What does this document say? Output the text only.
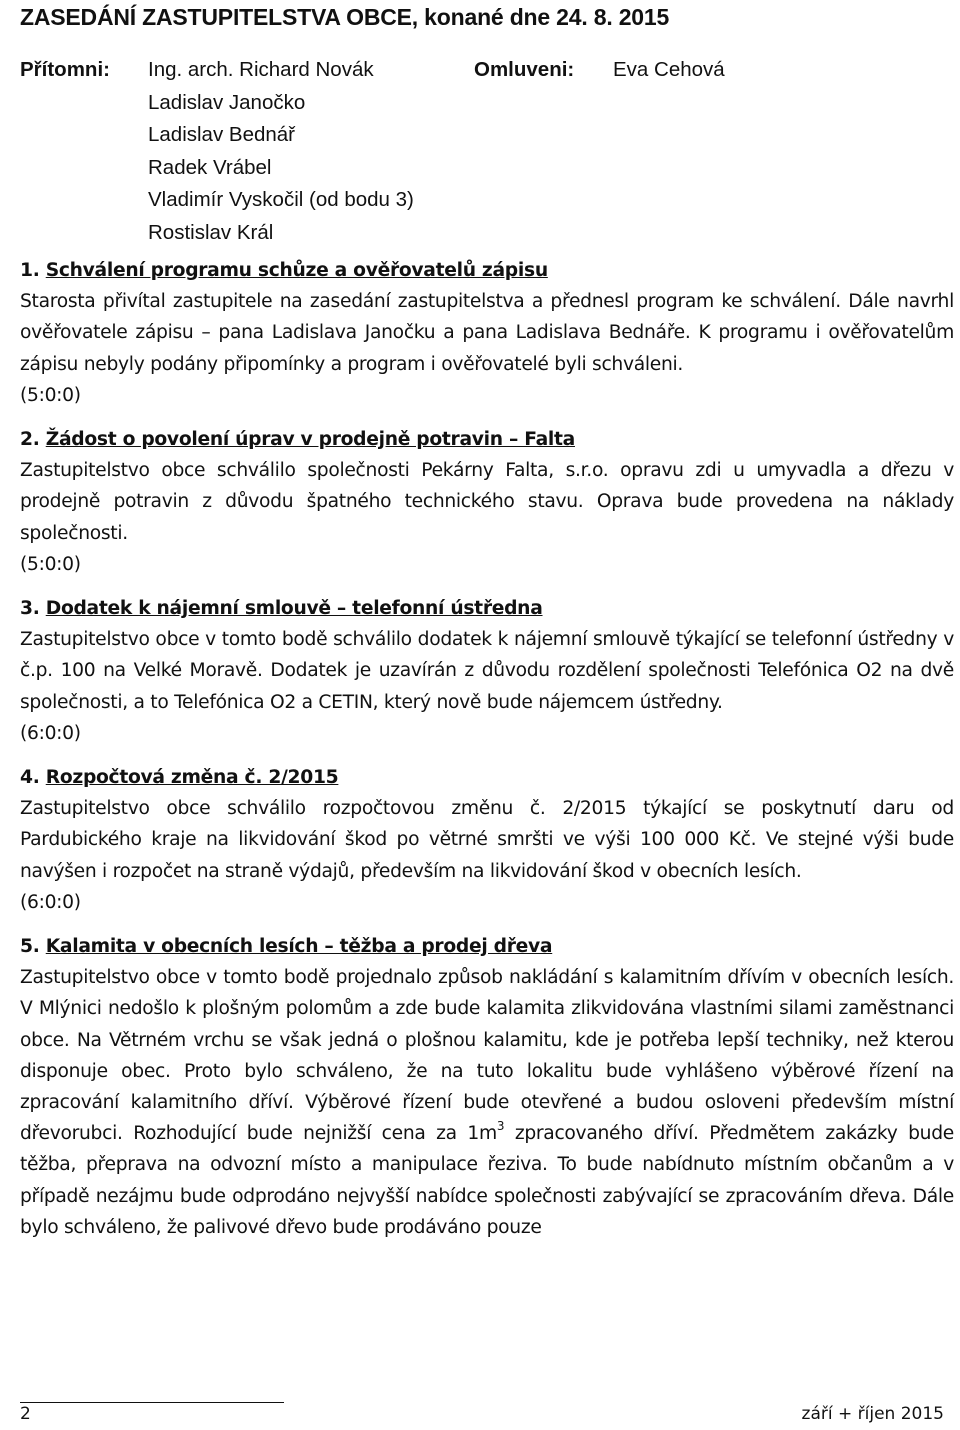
ZASEDÁNÍ ZASTUPITELSTVA OBCE, konané dne 24. 8. 2015
Přítomni: Ing. arch. Richard Novák
Ladislav Janočko
Ladislav Bednář
Radek Vrábel
Vladimír Vyskočil (od bodu 3)
Rostislav Král
Omluveni: Eva Cehová
1. Schválení programu schůze a ověřovatelů zápisu
Starosta přivítal zastupitele na zasedání zastupitelstva a přednesl program ke schválení. Dále navrhl ověřovatele zápisu – pana Ladislava Janočku a pana Ladislava Bednáře. K programu i ověřovatelům zápisu nebyly podány připomínky a program i ověřovatelé byli schváleni.
(5:0:0)
2. Žádost o povolení úprav v prodejně potravin – Falta
Zastupitelstvo obce schválilo společnosti Pekárny Falta, s.r.o. opravu zdi u umyvadla a dřezu v prodejně potravin z důvodu špatného technického stavu. Oprava bude provedena na náklady společnosti.
(5:0:0)
3. Dodatek k nájemní smlouvě – telefonní ústředna
Zastupitelstvo obce v tomto bodě schválilo dodatek k nájemní smlouvě týkající se telefonní ústředny v č.p. 100 na Velké Moravě. Dodatek je uzavírán z důvodu rozdělení společnosti Telefónica O2 na dvě společnosti, a to Telefónica O2 a CETIN, který nově bude nájemcem ústředny.
(6:0:0)
4. Rozpočtová změna č. 2/2015
Zastupitelstvo obce schválilo rozpočtovou změnu č. 2/2015 týkající se poskytnutí daru od Pardubického kraje na likvidování škod po větrné smršti ve výši 100 000 Kč. Ve stejné výši bude navýšen i rozpočet na straně výdajů, především na likvidování škod v obecních lesích.
(6:0:0)
5. Kalamita v obecních lesích – těžba a prodej dřeva
Zastupitelstvo obce v tomto bodě projednalo způsob nakládání s kalamitním dřívím v obecních lesích. V Mlýnici nedošlo k plošným polomům a zde bude kalamita zlikvidována vlastními silami zaměstnanci obce. Na Větrném vrchu se však jedná o plošnou kalamitu, kde je potřeba lepší techniky, než kterou disponuje obec. Proto bylo schváleno, že na tuto lokalitu bude vyhlášeno výběrové řízení na zpracování kalamitního dříví. Výběrové řízení bude otevřené a budou osloveni především místní dřevorubci. Rozhodující bude nejnižší cena za $1m^3$ zpracovaného dříví. Předmětem zakázky bude těžba, přeprava na odvozní místo a manipulace řeziva. To bude nabídnuto místním občanům a v případě nezájmu bude odprodáno nejvyšší nabídce společnosti zabývající se zpracováním dřeva. Dále bylo schváleno, že palivové dřevo bude prodáváno pouze
2	září + říjen 2015
